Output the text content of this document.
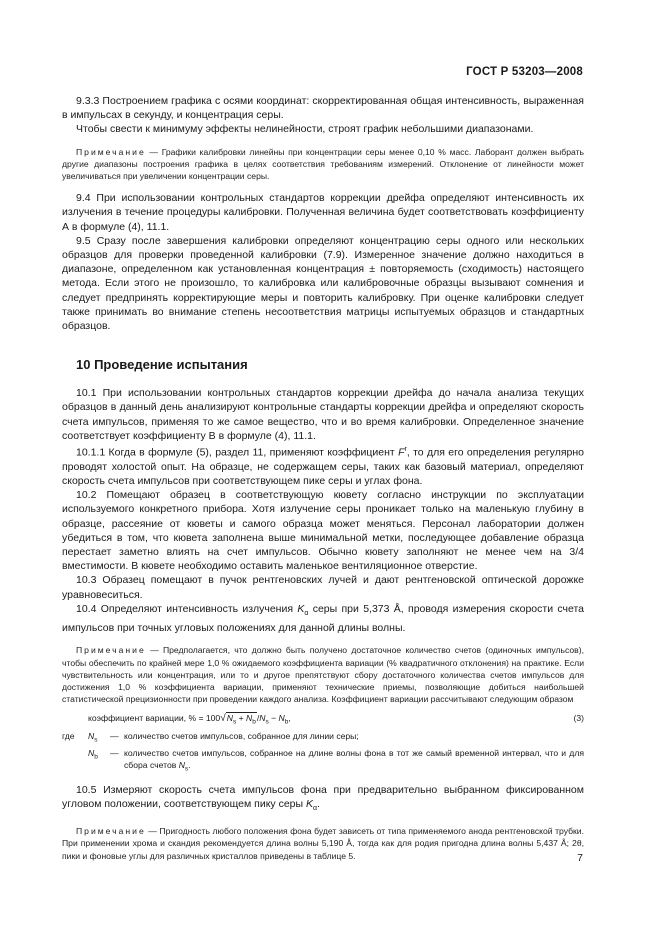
ГОСТ Р 53203—2008

9.3.3 Построением графика с осями координат: скорректированная общая интенсивность, выраженная в импульсах в секунду, и концентрация серы.

Чтобы свести к минимуму эффекты нелинейности, строят график небольшими диапазонами.

Примечание — Графики калибровки линейны при концентрации серы менее 0,10 % масс. Лаборант должен выбрать другие диапазоны построения графика в целях соответствия требованиям измерений. Отклонение от линейности может увеличиваться при увеличении концентрации серы.

9.4 При использовании контрольных стандартов коррекции дрейфа определяют интенсивность их излучения в течение процедуры калибровки. Полученная величина будет соответствовать коэффициенту А в формуле (4), 11.1.

9.5 Сразу после завершения калибровки определяют концентрацию серы одного или нескольких образцов для проверки проведенной калибровки (7.9). Измеренное значение должно находиться в диапазоне, определенном как установленная концентрация ± повторяемость (сходимость) настоящего метода. Если этого не произошло, то калибровка или калибровочные образцы вызывают сомнения и следует предпринять корректирующие меры и повторить калибровку. При оценке калибровки следует также принимать во внимание степень несоответствия матрицы испытуемых образцов и стандартных образцов.

10 Проведение испытания

10.1 При использовании контрольных стандартов коррекции дрейфа до начала анализа текущих образцов в данный день анализируют контрольные стандарты коррекции дрейфа и определяют скорость счета импульсов, применяя то же самое вещество, что и во время калибровки. Определенное значение соответствует коэффициенту В в формуле (4), 11.1.

10.1.1 Когда в формуле (5), раздел 11, применяют коэффициент $F^r$, то для его определения регулярно проводят холостой опыт. На образце, не содержащем серы, таких как базовый материал, определяют скорость счета импульсов при соответствующем пике серы и углах фона.

10.2 Помещают образец в соответствующую кювету согласно инструкции по эксплуатации используемого конкретного прибора. Хотя излучение серы проникает только на маленькую глубину в образце, рассеяние от кюветы и самого образца может меняться. Персонал лаборатории должен убедиться в том, что кювета заполнена выше минимальной метки, последующее добавление образца перестает заметно влиять на счет импульсов. Обычно кювету заполняют не менее чем на 3/4 вместимости. В кювете необходимо оставить маленькое вентиляционное отверстие.

10.3 Образец помещают в пучок рентгеновских лучей и дают рентгеновской оптической дорожке уравновеситься.

10.4 Определяют интенсивность излучения $K_\alpha$ серы при 5,373 Å, проводя измерения скорости счета импульсов при точных угловых положениях для данной длины волны.

Примечание — Предполагается, что должно быть получено достаточное количество счетов (одиночных импульсов), чтобы обеспечить по крайней мере 1,0 % ожидаемого коэффициента вариации (% квадратичного отклонения) на практике. Если чувствительность или концентрация, или то и другое препятствуют сбору достаточного количества счетов импульсов для достижения 1,0 % коэффициента вариации, применяют технические приемы, позволяющие добиться наибольшей статистической прецизионности при проведении каждого анализа. Коэффициент вариации рассчитывают следующим образом

коэффициент вариации, % = $100√N_s + N_b/N_s - N_b$,	(3)
где	$N_s$	— количество счетов импульсов, собранное для линии серы;
$N_b$	— количество счетов импульсов, собранное на длине волны фона в тот же самый временной интервал, что и для сбора счетов $N_s$.

10.5 Измеряют скорость счета импульсов фона при предварительно выбранном фиксированном угловом положении, соответствующем пику серы $K_\alpha$.

Примечание — Пригодность любого положения фона будет зависеть от типа применяемого анода рентгеновской трубки. При применении хрома и скандия рекомендуется длина волны 5,190 Å, тогда как для родия пригодна длина волны 5,437 Å; 2θ, пики и фоновые углы для различных кристаллов приведены в таблице 5.	7
